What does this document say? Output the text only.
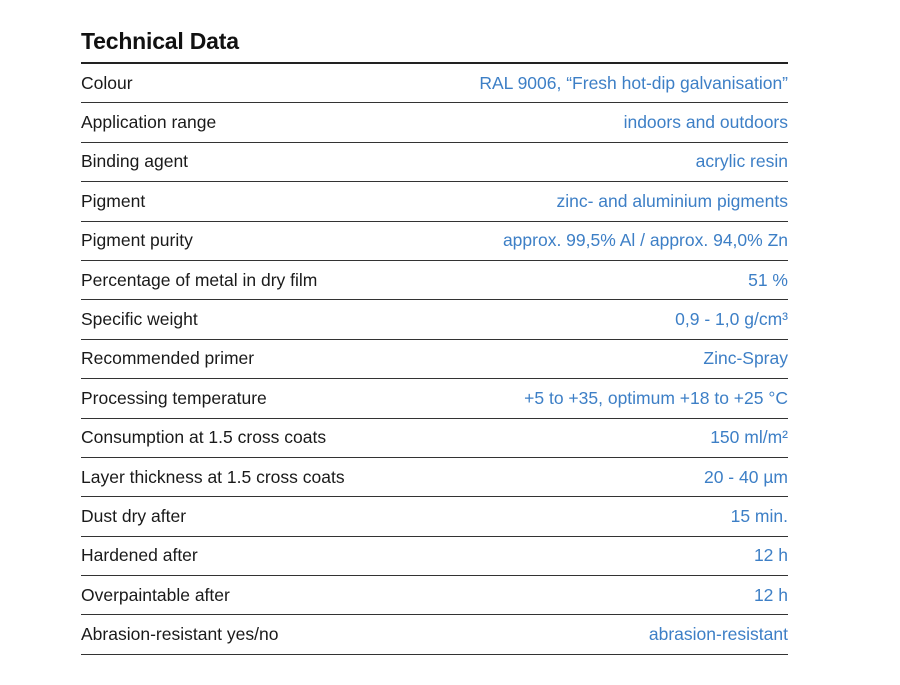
Technical Data
Colour	RAL 9006, “Fresh hot-dip galvanisation”
Application range	indoors and outdoors
Binding agent	acrylic resin
Pigment	zinc- and aluminium pigments
Pigment purity	approx. 99,5% Al / approx. 94,0% Zn
Percentage of metal in dry film	51 %
Specific weight	0,9 - 1,0 g/cm³
Recommended primer	Zinc-Spray
Processing temperature	+5 to +35, optimum +18 to +25 °C
Consumption at 1.5 cross coats	150 ml/m²
Layer thickness at 1.5 cross coats	20 - 40 µm
Dust dry after	15 min.
Hardened after	12 h
Overpaintable after	12 h
Abrasion-resistant yes/no	abrasion-resistant
